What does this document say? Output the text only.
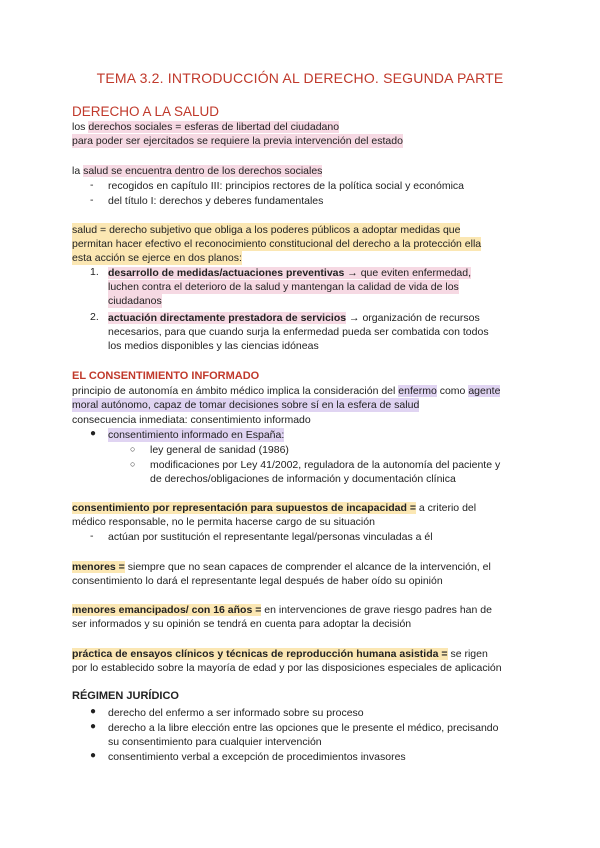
TEMA 3.2. INTRODUCCIÓN AL DERECHO. SEGUNDA PARTE
DERECHO A LA SALUD
los derechos sociales = esferas de libertad del ciudadano
para poder ser ejercitados se requiere la previa intervención del estado
la salud se encuentra dentro de los derechos sociales
- recogidos en capítulo III: principios rectores de la política social y económica
- del título I: derechos y deberes fundamentales
salud = derecho subjetivo que obliga a los poderes públicos a adoptar medidas que
permitan hacer efectivo el reconocimiento constitucional del derecho a la protección ella
esta acción se ejerce en dos planos:
1. desarrollo de medidas/actuaciones preventivas → que eviten enfermedad,
luchen contra el deterioro de la salud y mantengan la calidad de vida de los
ciudadanos
2. actuación directamente prestadora de servicios → organización de recursos
necesarios, para que cuando surja la enfermedad pueda ser combatida con todos
los medios disponibles y las ciencias idóneas
EL CONSENTIMIENTO INFORMADO
principio de autonomía en ámbito médico implica la consideración del enfermo como agente
moral autónomo, capaz de tomar decisiones sobre sí en la esfera de salud
consecuencia inmediata: consentimiento informado
● consentimiento informado en España:
○ ley general de sanidad (1986)
○ modificaciones por Ley 41/2002, reguladora de la autonomía del paciente y
de derechos/obligaciones de información y documentación clínica
consentimiento por representación para supuestos de incapacidad = a criterio del
médico responsable, no le permita hacerse cargo de su situación
- actúan por sustitución el representante legal/personas vinculadas a él
menores = siempre que no sean capaces de comprender el alcance de la intervención, el
consentimiento lo dará el representante legal después de haber oído su opinión
menores emancipados/ con 16 años = en intervenciones de grave riesgo padres han de
ser informados y su opinión se tendrá en cuenta para adoptar la decisión
práctica de ensayos clínicos y técnicas de reproducción humana asistida = se rigen
por lo establecido sobre la mayoría de edad y por las disposiciones especiales de aplicación
RÉGIMEN JURÍDICO
● derecho del enfermo a ser informado sobre su proceso
● derecho a la libre elección entre las opciones que le presente el médico, precisando
su consentimiento para cualquier intervención
● consentimiento verbal a excepción de procedimientos invasores
